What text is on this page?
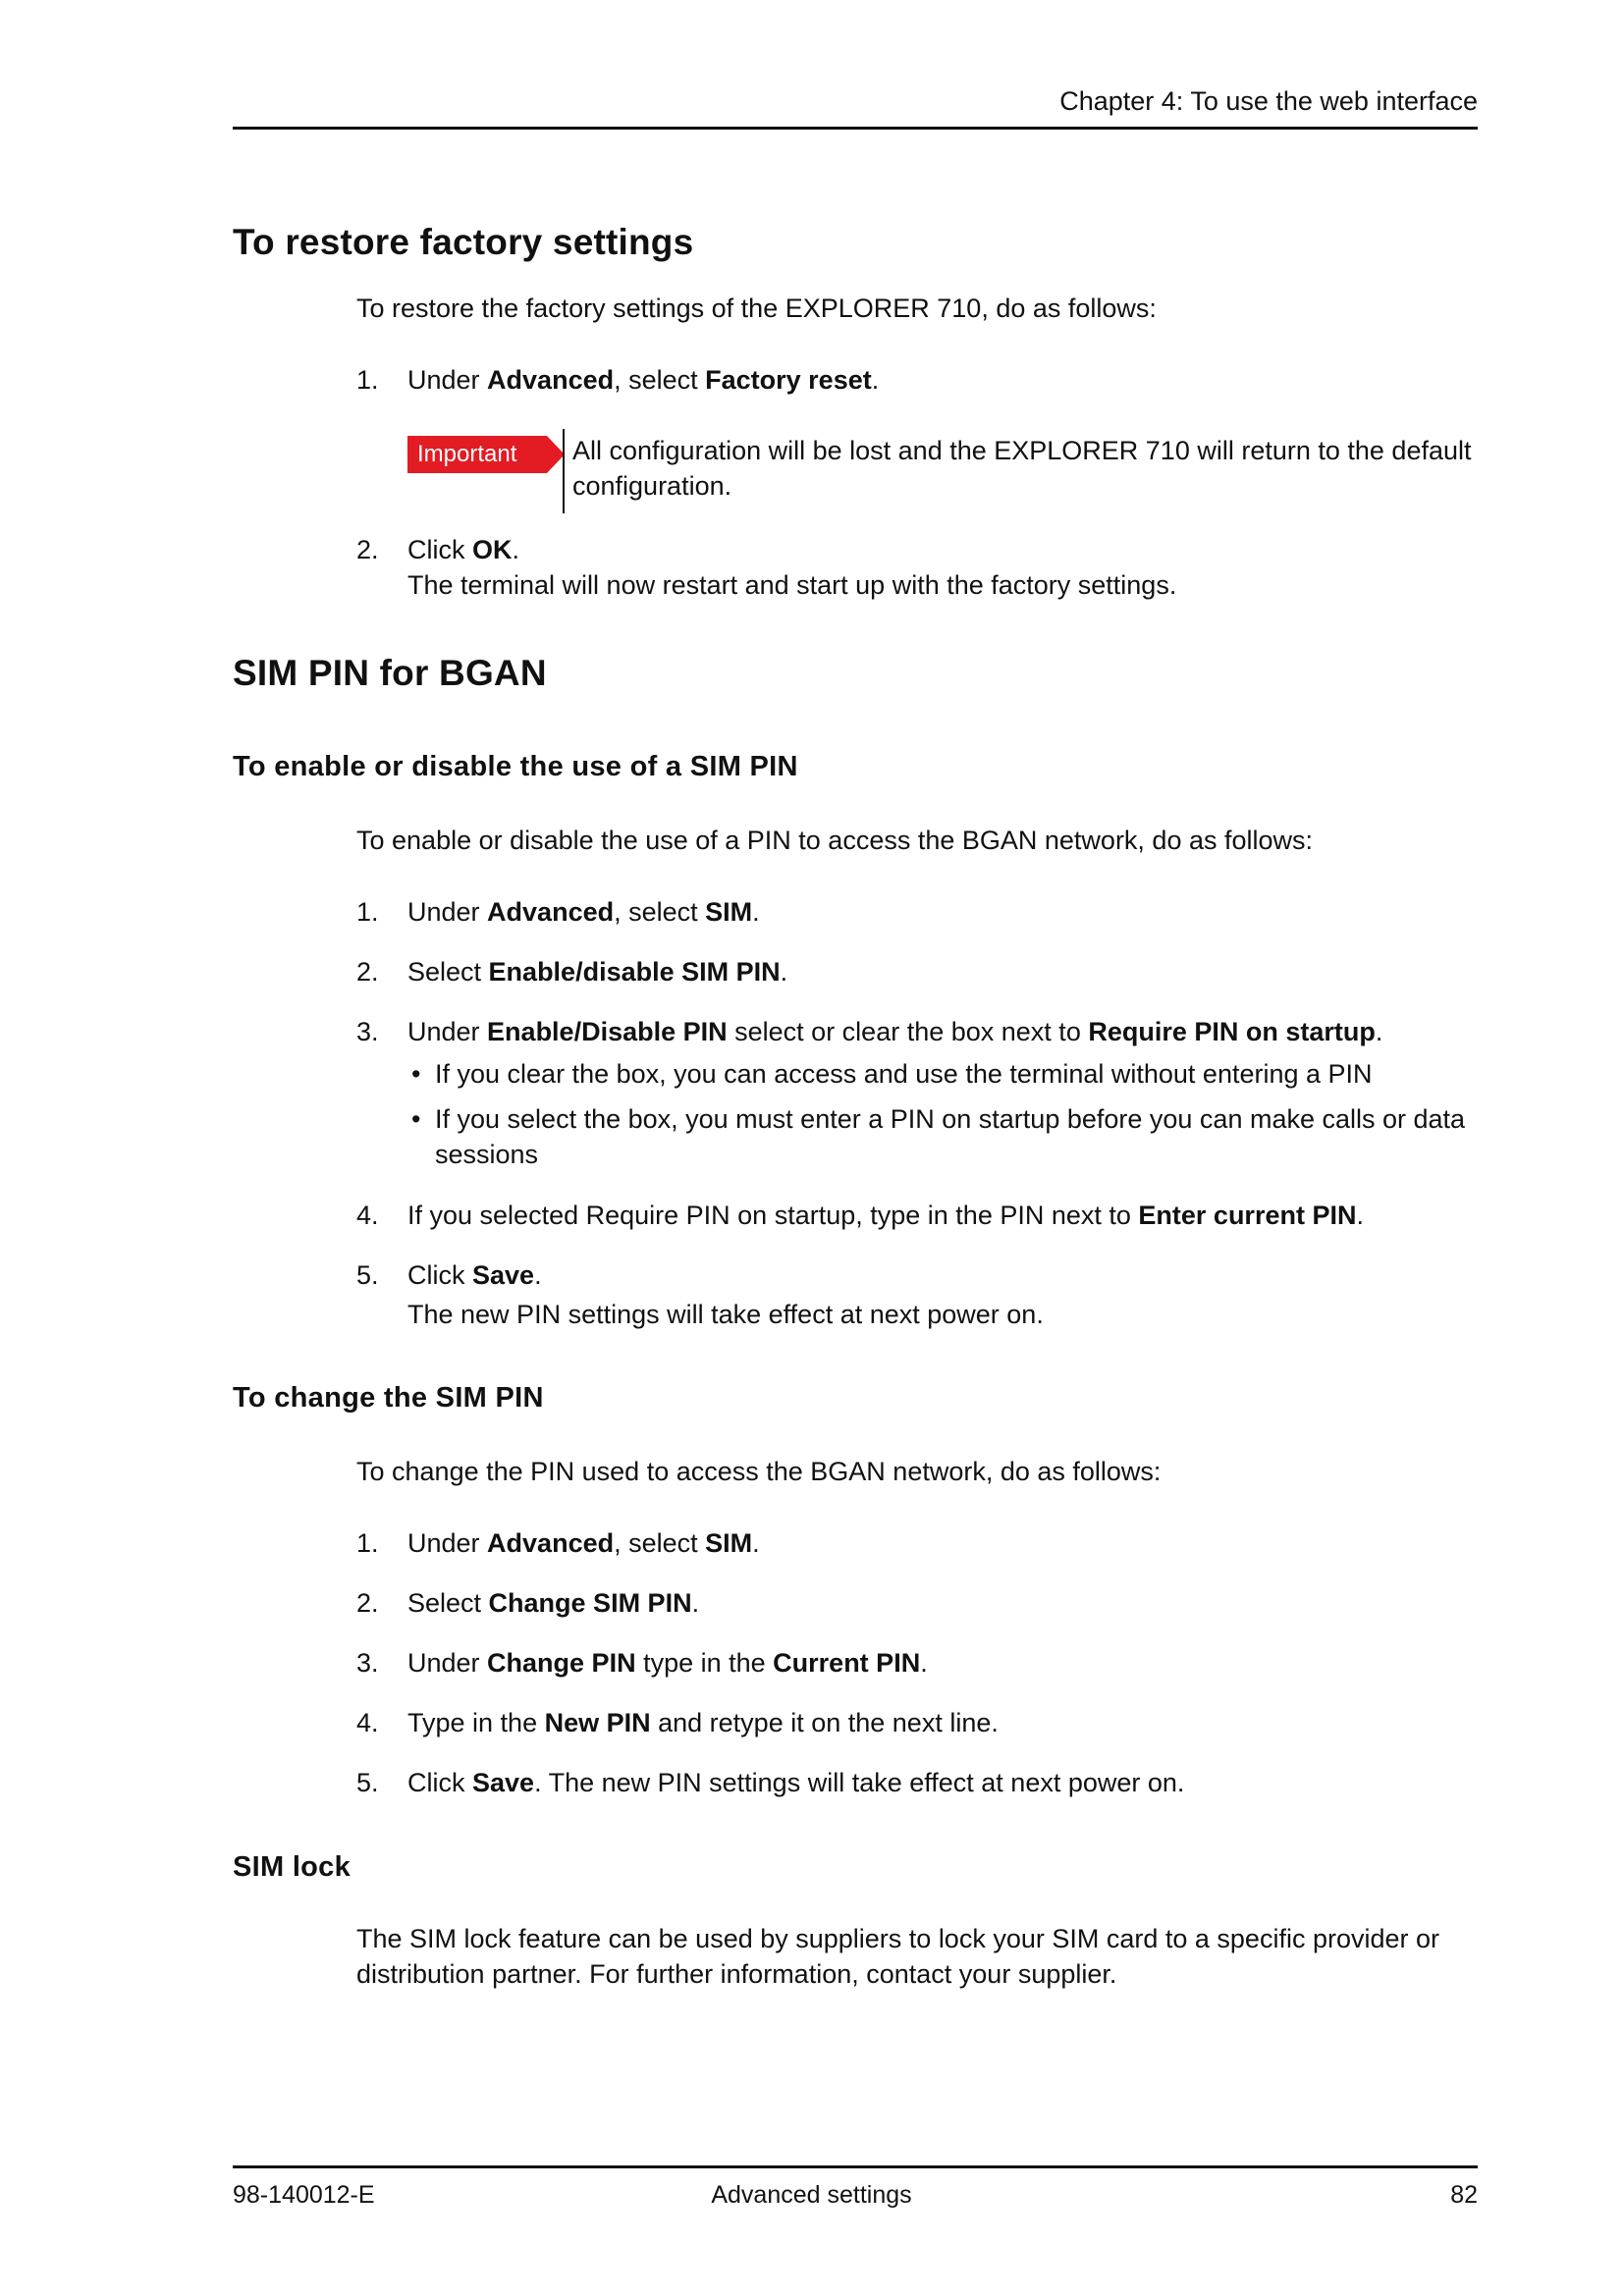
Chapter 4: To use the web interface
To restore factory settings
To restore the factory settings of the EXPLORER 710, do as follows:
1.	Under Advanced, select Factory reset.
Important	All configuration will be lost and the EXPLORER 710 will return to the default configuration.
2.	Click OK.
The terminal will now restart and start up with the factory settings.
SIM PIN for BGAN
To enable or disable the use of a SIM PIN
To enable or disable the use of a PIN to access the BGAN network, do as follows:
1.	Under Advanced, select SIM.
2.	Select Enable/disable SIM PIN.
3.	Under Enable/Disable PIN select or clear the box next to Require PIN on startup.
• If you clear the box, you can access and use the terminal without entering a PIN
• If you select the box, you must enter a PIN on startup before you can make calls or data sessions
4.	If you selected Require PIN on startup, type in the PIN next to Enter current PIN.
5.	Click Save.
The new PIN settings will take effect at next power on.
To change the SIM PIN
To change the PIN used to access the BGAN network, do as follows:
1.	Under Advanced, select SIM.
2.	Select Change SIM PIN.
3.	Under Change PIN type in the Current PIN.
4.	Type in the New PIN and retype it on the next line.
5.	Click Save. The new PIN settings will take effect at next power on.
SIM lock
The SIM lock feature can be used by suppliers to lock your SIM card to a specific provider or distribution partner. For further information, contact your supplier.
98-140012-E	Advanced settings	82
